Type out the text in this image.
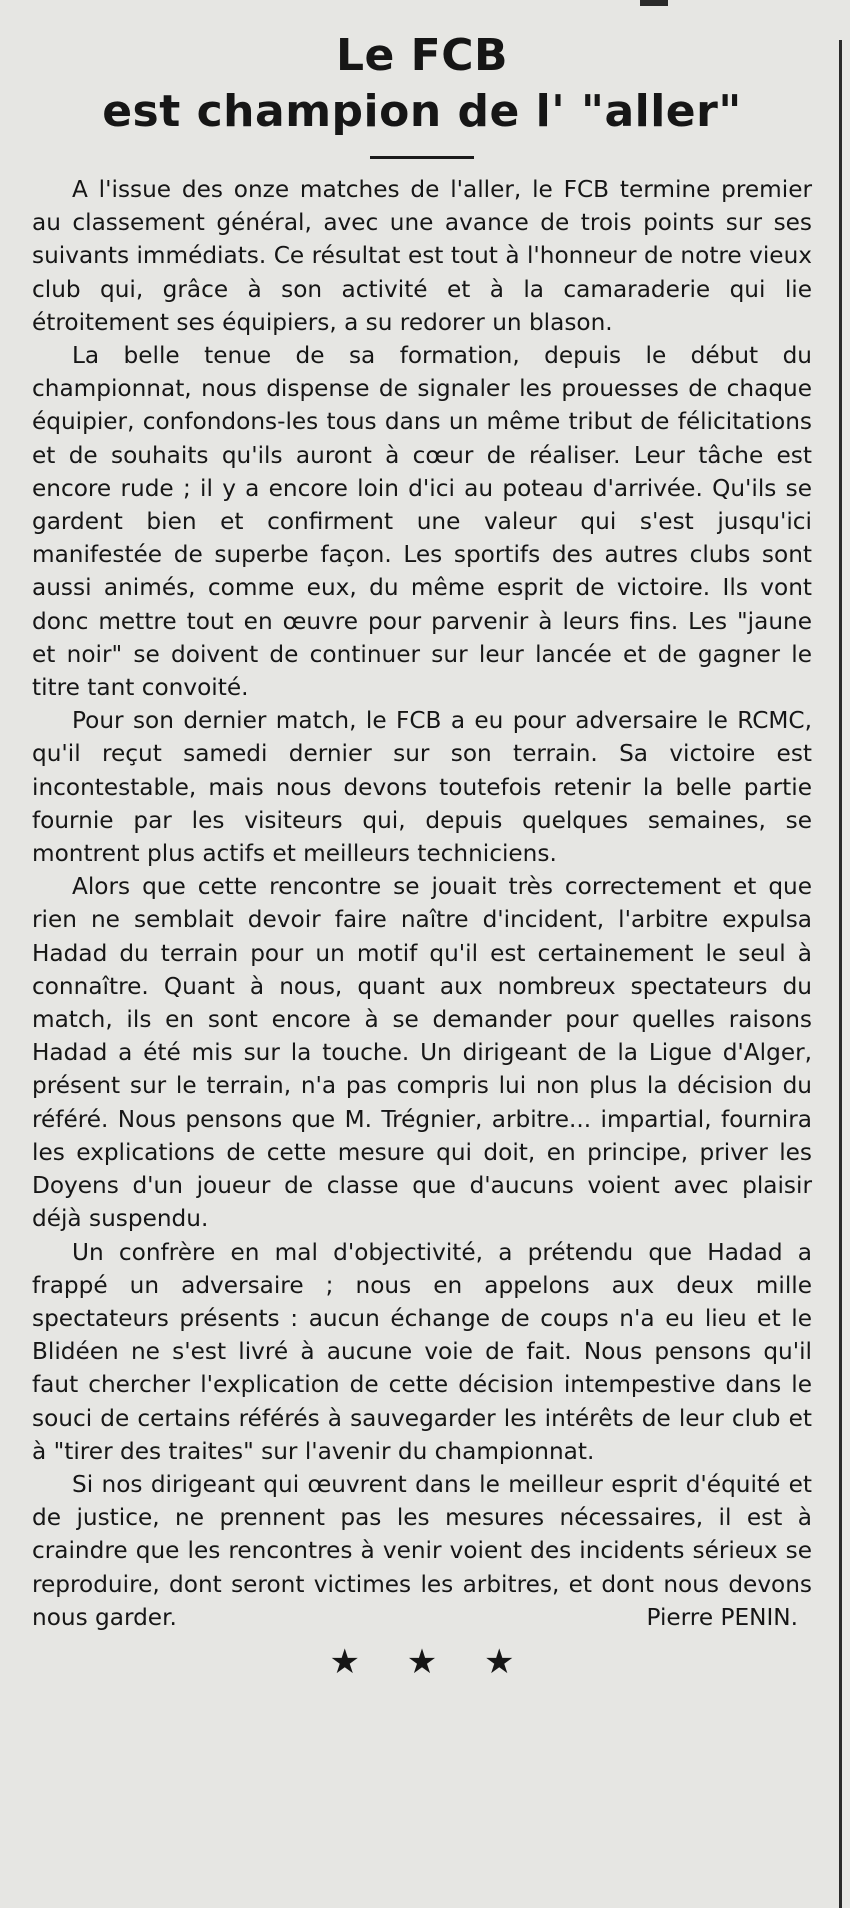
Le FCB
est champion de l' "aller"

A l'issue des onze matches de l'aller, le FCB termine premier au classement général, avec une avance de trois points sur ses suivants immédiats. Ce résultat est tout à l'honneur de notre vieux club qui, grâce à son activité et à la camaraderie qui lie étroitement ses équipiers, a su redorer un blason.

La belle tenue de sa formation, depuis le début du championnat, nous dispense de signaler les prouesses de chaque équipier, confondons-les tous dans un même tribut de félicitations et de souhaits qu'ils auront à cœur de réaliser. Leur tâche est encore rude ; il y a encore loin d'ici au poteau d'arrivée. Qu'ils se gardent bien et confirment une valeur qui s'est jusqu'ici manifestée de superbe façon. Les sportifs des autres clubs sont aussi animés, comme eux, du même esprit de victoire. Ils vont donc mettre tout en œuvre pour parvenir à leurs fins. Les "jaune et noir" se doivent de continuer sur leur lancée et de gagner le titre tant convoité.

Pour son dernier match, le FCB a eu pour adversaire le RCMC, qu'il reçut samedi dernier sur son terrain. Sa victoire est incontestable, mais nous devons toutefois retenir la belle partie fournie par les visiteurs qui, depuis quelques semaines, se montrent plus actifs et meilleurs techniciens.

Alors que cette rencontre se jouait très correctement et que rien ne semblait devoir faire naître d'incident, l'arbitre expulsa Hadad du terrain pour un motif qu'il est certainement le seul à connaître. Quant à nous, quant aux nombreux spectateurs du match, ils en sont encore à se demander pour quelles raisons Hadad a été mis sur la touche. Un dirigeant de la Ligue d'Alger, présent sur le terrain, n'a pas compris lui non plus la décision du référé. Nous pensons que M. Trégnier, arbitre... impartial, fournira les explications de cette mesure qui doit, en principe, priver les Doyens d'un joueur de classe que d'aucuns voient avec plaisir déjà suspendu.

Un confrère en mal d'objectivité, a prétendu que Hadad a frappé un adversaire ; nous en appelons aux deux mille spectateurs présents : aucun échange de coups n'a eu lieu et le Blidéen ne s'est livré à aucune voie de fait. Nous pensons qu'il faut chercher l'explication de cette décision intempestive dans le souci de certains référés à sauvegarder les intérêts de leur club et à "tirer des traites" sur l'avenir du championnat.

Si nos dirigeant qui œuvrent dans le meilleur esprit d'équité et de justice, ne prennent pas les mesures nécessaires, il est à craindre que les rencontres à venir voient des incidents sérieux se reproduire, dont seront victimes les arbitres, et dont nous devons nous garder.	Pierre PENIN.

★ ★ ★
